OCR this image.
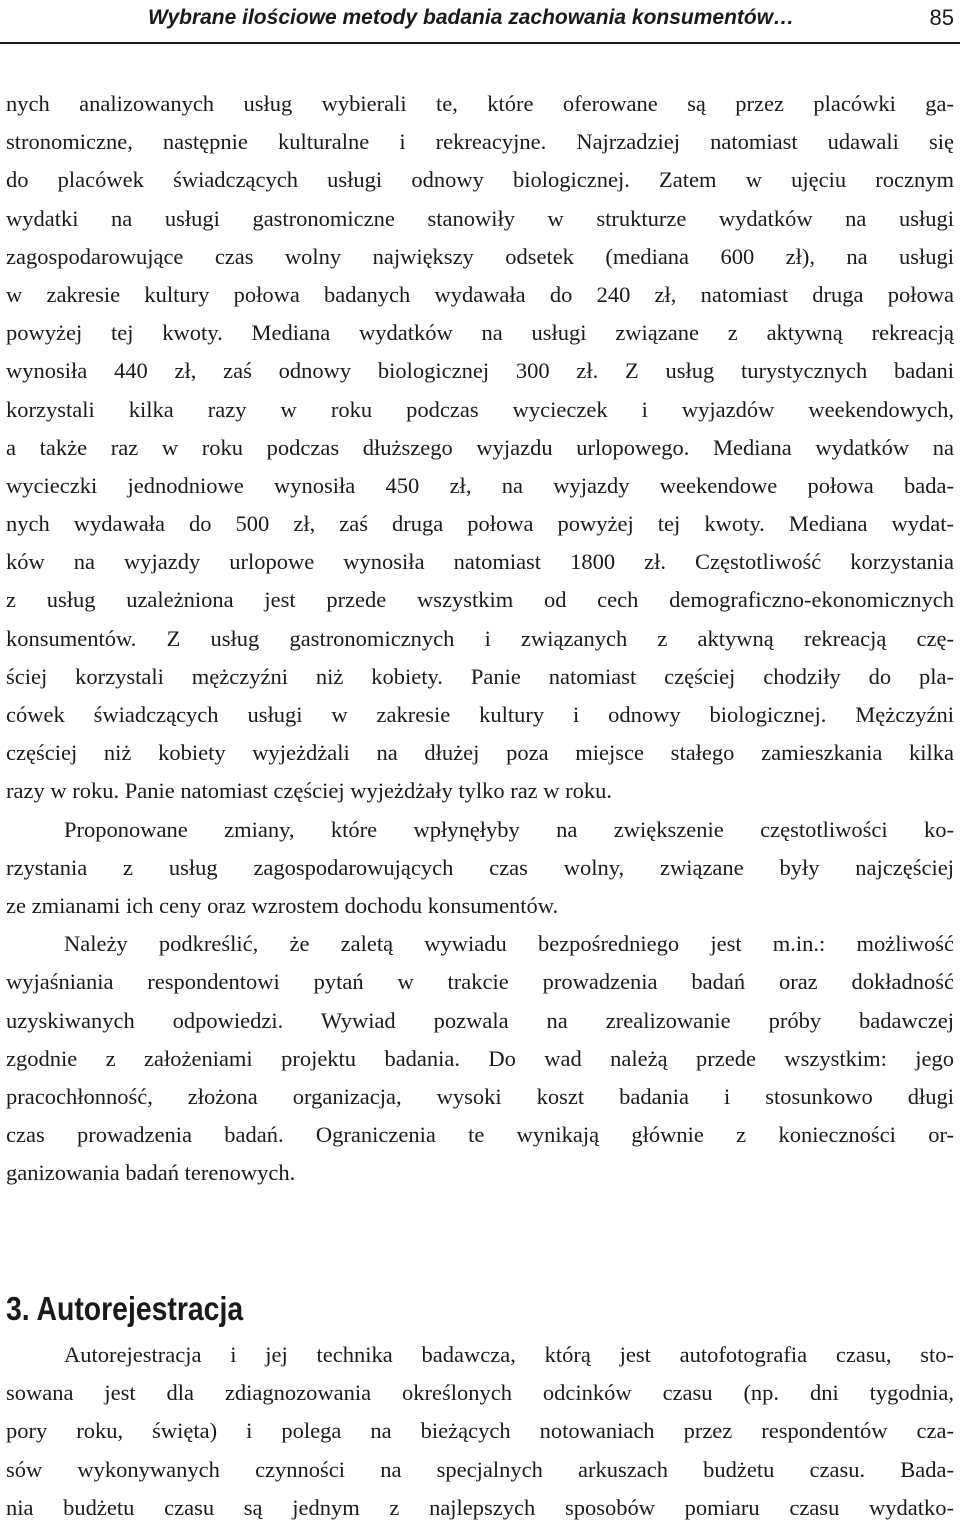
Wybrane ilościowe metody badania zachowania konsumentów…	85
nych analizowanych usług wybierali te, które oferowane są przez placówki ga-
stronomiczne, następnie kulturalne i rekreacyjne. Najrzadziej natomiast udawali się
do placówek świadczących usługi odnowy biologicznej. Zatem w ujęciu rocznym
wydatki na usługi gastronomiczne stanowiły w strukturze wydatków na usługi
zagospodarowujące czas wolny największy odsetek (mediana 600 zł), na usługi
w zakresie kultury połowa badanych wydawała do 240 zł, natomiast druga połowa
powyżej tej kwoty. Mediana wydatków na usługi związane z aktywną rekreacją
wynosiła 440 zł, zaś odnowy biologicznej 300 zł. Z usług turystycznych badani
korzystali kilka razy w roku podczas wycieczek i wyjazdów weekendowych,
a także raz w roku podczas dłuższego wyjazdu urlopowego. Mediana wydatków na
wycieczki jednodniowe wynosiła 450 zł, na wyjazdy weekendowe połowa bada-
nych wydawała do 500 zł, zaś druga połowa powyżej tej kwoty. Mediana wydat-
ków na wyjazdy urlopowe wynosiła natomiast 1800 zł. Częstotliwość korzystania
z usług uzależniona jest przede wszystkim od cech demograficzno-ekonomicznych
konsumentów. Z usług gastronomicznych i związanych z aktywną rekreacją czę-
ściej korzystali mężczyźni niż kobiety. Panie natomiast częściej chodziły do pla-
cówek świadczących usługi w zakresie kultury i odnowy biologicznej. Mężczyźni
częściej niż kobiety wyjeżdżali na dłużej poza miejsce stałego zamieszkania kilka
razy w roku. Panie natomiast częściej wyjeżdżały tylko raz w roku.
Proponowane zmiany, które wpłynęłyby na zwiększenie częstotliwości ko-
rzystania z usług zagospodarowujących czas wolny, związane były najczęściej
ze zmianami ich ceny oraz wzrostem dochodu konsumentów.
Należy podkreślić, że zaletą wywiadu bezpośredniego jest m.in.: możliwość
wyjaśniania respondentowi pytań w trakcie prowadzenia badań oraz dokładność
uzyskiwanych odpowiedzi. Wywiad pozwala na zrealizowanie próby badawczej
zgodnie z założeniami projektu badania. Do wad należą przede wszystkim: jego
pracochłonność, złożona organizacja, wysoki koszt badania i stosunkowo długi
czas prowadzenia badań. Ograniczenia te wynikają głównie z konieczności or-
ganizowania badań terenowych.
3. Autorejestracja
Autorejestracja i jej technika badawcza, którą jest autofotografia czasu, sto-
sowana jest dla zdiagnozowania określonych odcinków czasu (np. dni tygodnia,
pory roku, święta) i polega na bieżących notowaniach przez respondentów cza-
sów wykonywanych czynności na specjalnych arkuszach budżetu czasu. Bada-
nia budżetu czasu są jednym z najlepszych sposobów pomiaru czasu wydatko-
